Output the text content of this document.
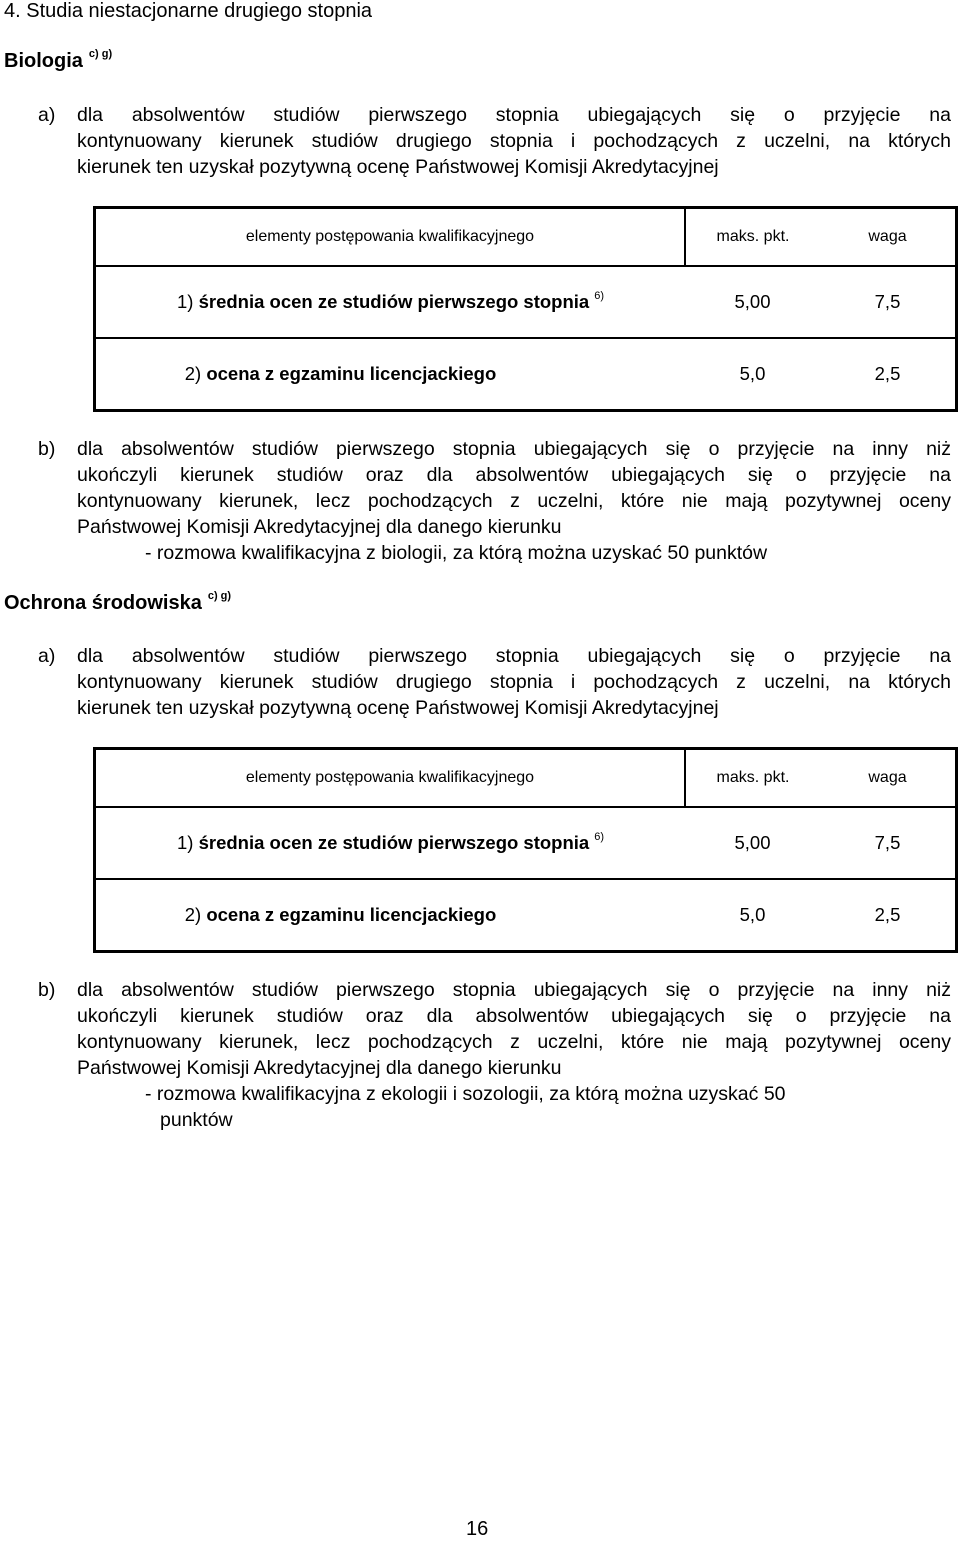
4. Studia niestacjonarne drugiego stopnia
Biologia $^{c) g)}$
a) dla absolwentów studiów pierwszego stopnia ubiegających się o przyjęcie na
kontynuowany kierunek studiów drugiego stopnia i pochodzących z uczelni, na których
kierunek ten uzyskał pozytywną ocenę Państwowej Komisji Akredytacyjnej
elementy postępowania kwalifikacyjnego	maks. pkt.	waga
1) średnia ocen ze studiów pierwszego stopnia $^{6)}$	5,00	7,5
2) ocena z egzaminu licencjackiego	5,0	2,5
b) dla absolwentów studiów pierwszego stopnia ubiegających się o przyjęcie na inny niż
ukończyli kierunek studiów oraz dla absolwentów ubiegających się o przyjęcie na
kontynuowany kierunek, lecz pochodzących z uczelni, które nie mają pozytywnej oceny
Państwowej Komisji Akredytacyjnej dla danego kierunku
- rozmowa kwalifikacyjna z biologii, za którą można uzyskać 50 punktów
Ochrona środowiska $^{c) g)}$
a) dla absolwentów studiów pierwszego stopnia ubiegających się o przyjęcie na
kontynuowany kierunek studiów drugiego stopnia i pochodzących z uczelni, na których
kierunek ten uzyskał pozytywną ocenę Państwowej Komisji Akredytacyjnej
elementy postępowania kwalifikacyjnego	maks. pkt.	waga
1) średnia ocen ze studiów pierwszego stopnia $^{6)}$	5,00	7,5
2) ocena z egzaminu licencjackiego	5,0	2,5
b) dla absolwentów studiów pierwszego stopnia ubiegających się o przyjęcie na inny niż
ukończyli kierunek studiów oraz dla absolwentów ubiegających się o przyjęcie na
kontynuowany kierunek, lecz pochodzących z uczelni, które nie mają pozytywnej oceny
Państwowej Komisji Akredytacyjnej dla danego kierunku
- rozmowa kwalifikacyjna z ekologii i sozologii, za którą można uzyskać 50
punktów
16
